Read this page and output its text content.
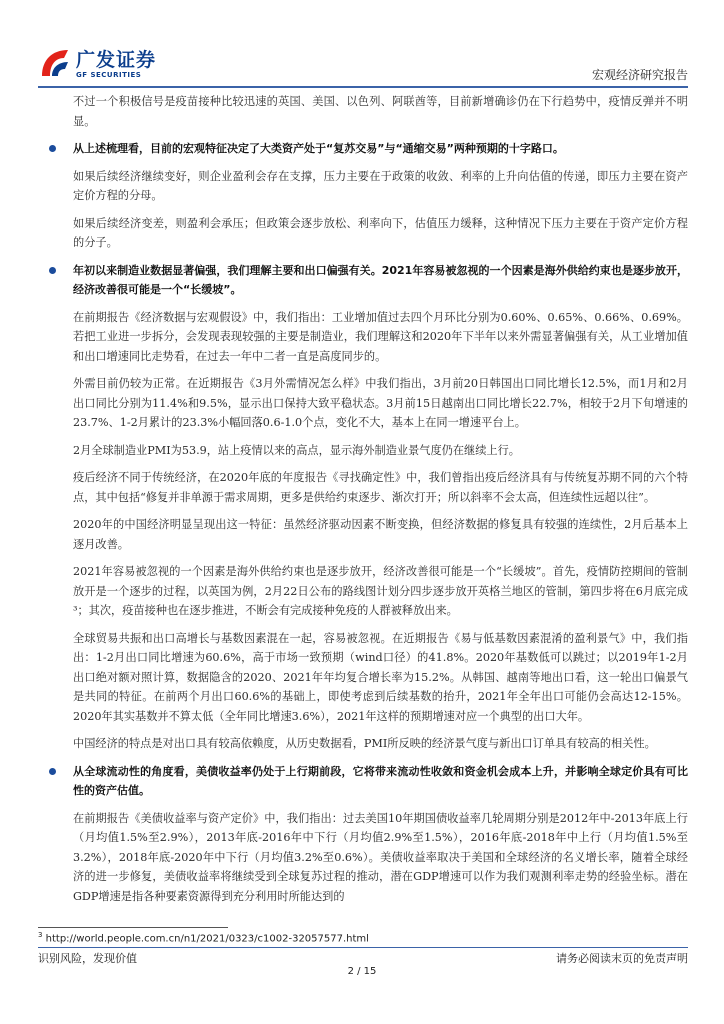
广发证券
GF SECURITIES	宏观经济研究报告

不过一个积极信号是疫苗接种比较迅速的英国、美国、以色列、阿联酋等，目前新增确诊仍在下行趋势中，疫情反弹并不明显。

从上述梳理看，目前的宏观特征决定了大类资产处于“复苏交易”与“通缩交易”两种预期的十字路口。

如果后续经济继续变好，则企业盈利会存在支撑，压力主要在于政策的收敛、利率的上升向估值的传递，即压力主要在资产定价方程的分母。

如果后续经济变差，则盈利会承压；但政策会逐步放松、利率向下，估值压力缓释，这种情况下压力主要在于资产定价方程的分子。

年初以来制造业数据显著偏强，我们理解主要和出口偏强有关。2021年容易被忽视的一个因素是海外供给约束也是逐步放开，经济改善很可能是一个“长缓坡”。

在前期报告《经济数据与宏观假设》中，我们指出：工业增加值过去四个月环比分别为0.60%、0.65%、0.66%、0.69%。若把工业进一步拆分，会发现表现较强的主要是制造业，我们理解这和2020年下半年以来外需显著偏强有关，从工业增加值和出口增速同比走势看，在过去一年中二者一直是高度同步的。

外需目前仍较为正常。在近期报告《3月外需情况怎么样》中我们指出，3月前20日韩国出口同比增长12.5%，而1月和2月出口同比分别为11.4%和9.5%，显示出口保持大致平稳状态。3月前15日越南出口同比增长22.7%，相较于2月下旬增速的23.7%、1-2月累计的23.3%小幅回落0.6-1.0个点，变化不大，基本上在同一增速平台上。

2月全球制造业PMI为53.9，站上疫情以来的高点，显示海外制造业景气度仍在继续上行。

疫后经济不同于传统经济，在2020年底的年度报告《寻找确定性》中，我们曾指出疫后经济具有与传统复苏期不同的六个特点，其中包括“修复并非单源于需求周期，更多是供给约束逐步、渐次打开；所以斜率不会太高，但连续性远超以往”。

2020年的中国经济明显呈现出这一特征：虽然经济驱动因素不断变换，但经济数据的修复具有较强的连续性，2月后基本上逐月改善。

2021年容易被忽视的一个因素是海外供给约束也是逐步放开，经济改善很可能是一个“长缓坡”。首先，疫情防控期间的管制放开是一个逐步的过程，以英国为例，2月22日公布的路线图计划分四步逐步放开英格兰地区的管制，第四步将在6月底完成³；其次，疫苗接种也在逐步推进，不断会有完成接种免疫的人群被释放出来。

全球贸易共振和出口高增长与基数因素混在一起，容易被忽视。在近期报告《易与低基数因素混淆的盈利景气》中，我们指出：1-2月出口同比增速为60.6%，高于市场一致预期（wind口径）的41.8%。2020年基数低可以跳过；以2019年1-2月出口绝对额对照计算，数据隐含的2020、2021年年均复合增长率为15.2%。从韩国、越南等地出口看，这一轮出口偏景气是共同的特征。在前两个月出口60.6%的基础上，即使考虑到后续基数的抬升，2021年全年出口可能仍会高达12-15%。2020年其实基数并不算太低（全年同比增速3.6%），2021年这样的预期增速对应一个典型的出口大年。

中国经济的特点是对出口具有较高依赖度，从历史数据看，PMI所反映的经济景气度与新出口订单具有较高的相关性。

从全球流动性的角度看，美债收益率仍处于上行期前段，它将带来流动性收敛和资金机会成本上升，并影响全球定价具有可比性的资产估值。

在前期报告《美债收益率与资产定价》中，我们指出：过去美国10年期国债收益率几轮周期分别是2012年中-2013年底上行（月均值1.5%至2.9%），2013年底-2016年中下行（月均值2.9%至1.5%），2016年底-2018年中上行（月均值1.5%至3.2%），2018年底-2020年中下行（月均值3.2%至0.6%）。美债收益率取决于美国和全球经济的名义增长率，随着全球经济的进一步修复，美债收益率将继续受到全球复苏过程的推动，潜在GDP增速可以作为我们观测利率走势的经验坐标。潜在GDP增速是指各种要素资源得到充分利用时所能达到的

$^3$ http://world.people.com.cn/n1/2021/0323/c1002-32057577.html
识别风险，发现价值	请务必阅读末页的免责声明
2 / 15
